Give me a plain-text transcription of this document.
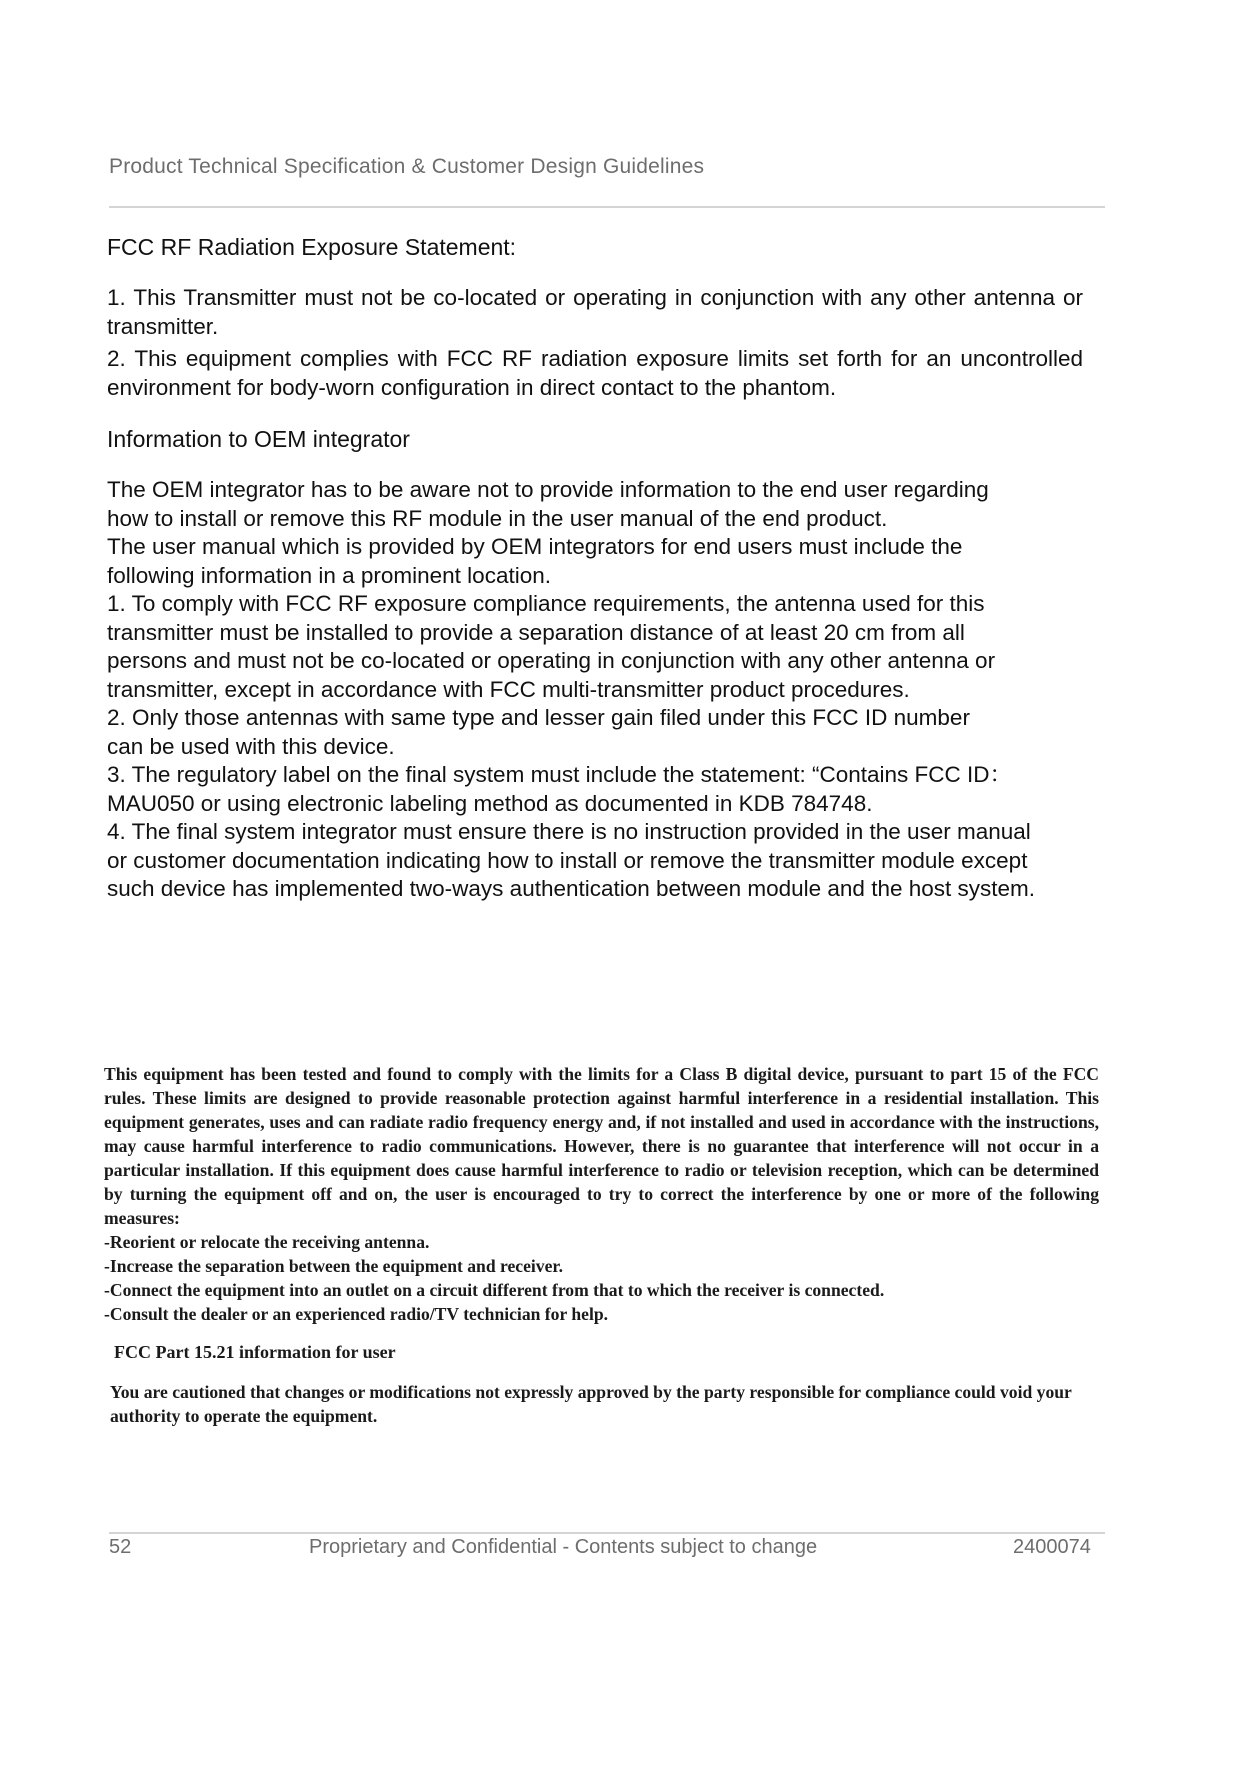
Product Technical Specification & Customer Design Guidelines

FCC RF Radiation Exposure Statement:

1. This Transmitter must not be co-located or operating in conjunction with any other antenna or transmitter.

2. This equipment complies with FCC RF radiation exposure limits set forth for an uncontrolled environment for body-worn configuration in direct contact to the phantom.

Information to OEM integrator

The OEM integrator has to be aware not to provide information to the end user regarding how to install or remove this RF module in the user manual of the end product.

The user manual which is provided by OEM integrators for end users must include the following information in a prominent location.

1. To comply with FCC RF exposure compliance requirements, the antenna used for this transmitter must be installed to provide a separation distance of at least 20 cm from all persons and must not be co-located or operating in conjunction with any other antenna or transmitter, except in accordance with FCC multi-transmitter product procedures.

2. Only those antennas with same type and lesser gain filed under this FCC ID number can be used with this device.

3. The regulatory label on the final system must include the statement: “Contains FCC ID：MAU050 or using electronic labeling method as documented in KDB 784748.

4. The final system integrator must ensure there is no instruction provided in the user manual or customer documentation indicating how to install or remove the transmitter module except such device has implemented two-ways authentication between module and the host system.

This equipment has been tested and found to comply with the limits for a Class B digital device, pursuant to part 15 of the FCC rules. These limits are designed to provide reasonable protection against harmful interference in a residential installation. This equipment generates, uses and can radiate radio frequency energy and, if not installed and used in accordance with the instructions, may cause harmful interference to radio communications. However, there is no guarantee that interference will not occur in a particular installation. If this equipment does cause harmful interference to radio or television reception, which can be determined by turning the equipment off and on, the user is encouraged to try to correct the interference by one or more of the following measures:

-Reorient or relocate the receiving antenna.

-Increase the separation between the equipment and receiver.

-Connect the equipment into an outlet on a circuit different from that to which the receiver is connected.

-Consult the dealer or an experienced radio/TV technician for help.

FCC Part 15.21 information for user

You are cautioned that changes or modifications not expressly approved by the party responsible for compliance could void your authority to operate the equipment.

52	Proprietary and Confidential - Contents subject to change	2400074
